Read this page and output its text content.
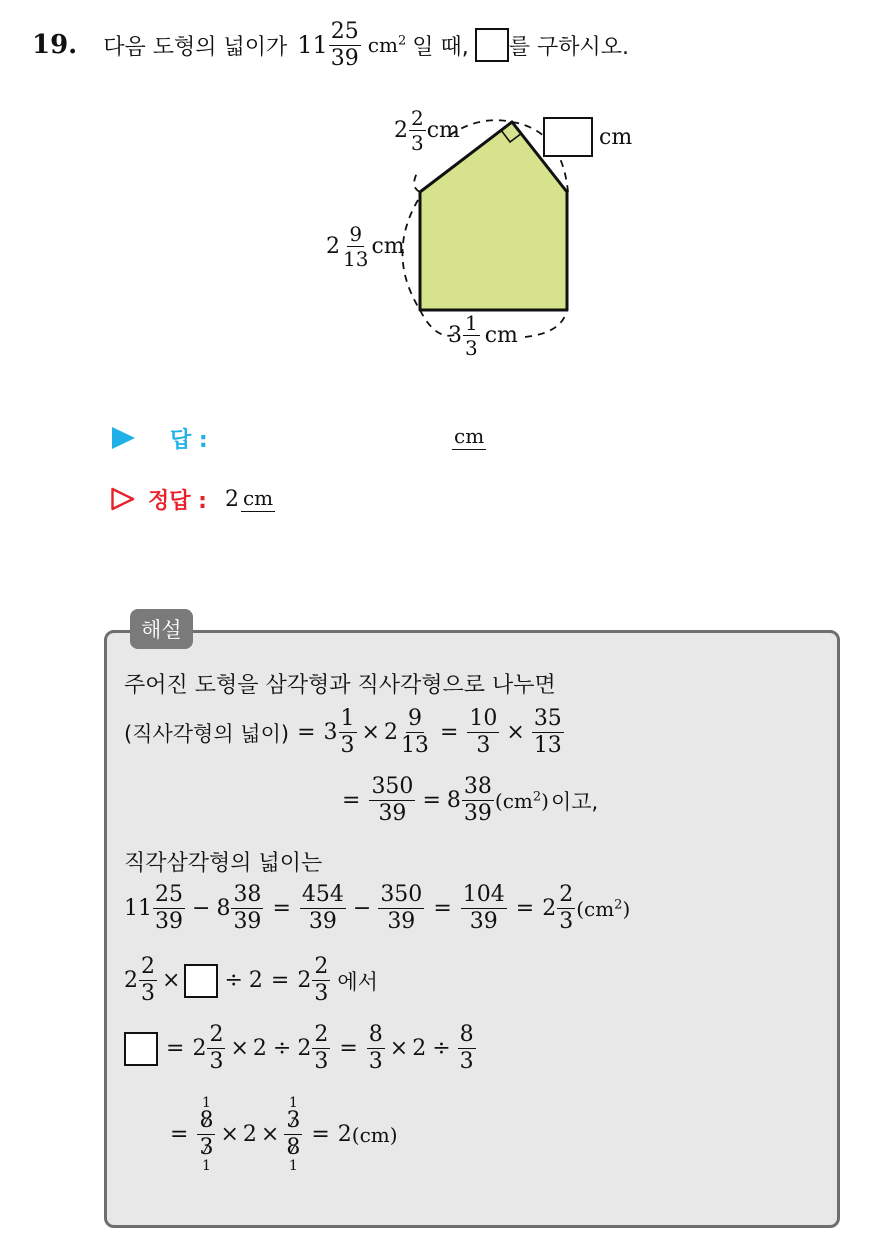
19. 다음 도형의 넓이가 $11 \frac{25}{39} cm^2$ 일 때, 를 구하시오.
$2 \frac{2}{3}$ cm	cm
$2 \frac{9}{13}$ cm
$3 \frac{1}{3}$ cm
답 :	cm
정답 : 2 cm
해설
주어진 도형을 삼각형과 직사각형으로 나누면
(직사각형의 넓이) = $3 \frac{1}{3} \times 2 \frac{9}{13} = \frac{10}{3} \times \frac{35}{13}$
= $\frac{350}{39} = 8 \frac{38}{39} (cm^2)$ 이고,
직각삼각형의 넓이는
$11 \frac{25}{39} - 8 \frac{38}{39} = \frac{454}{39} - \frac{350}{39} = \frac{104}{39} = 2 \frac{2}{3} (cm^2)$
$2 \frac{2}{3}$ × ÷ $2 = 2 \frac{2}{3}$ 에서
= $2 \frac{2}{3} \times 2 \div 2 \frac{2}{3} = \frac{8}{3} \times 2 \div \frac{8}{3}$
=
1
$\frac{8}{3}$
1
× 2 ×
1
$\frac{3}{8}$
1
= 2 (cm)
